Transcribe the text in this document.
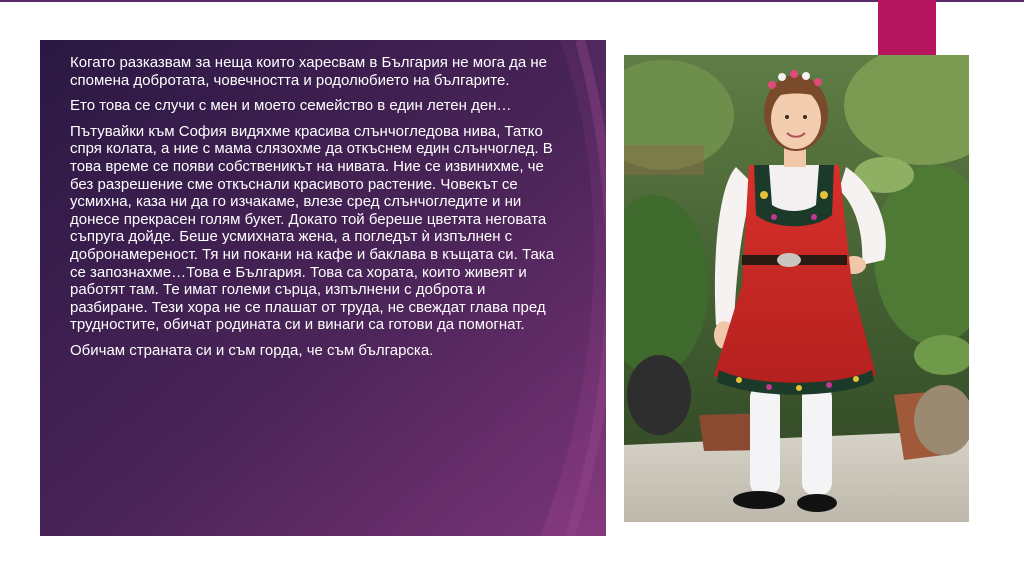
Когато разказвам за неща които харесвам в България не мога да не спомена добротата, човечността и родолюбието на българите.

Ето това се случи с мен и моето семейство в един летен ден…

Пътувайки към София видяхме красива слънчогледова нива, Татко спря колата, а ние с мама слязохме да откъснем един слънчоглед. В това време се появи собственикът на нивата. Ние се извинихме, че без разрешение сме откъснали красивото растение. Човекът се усмихна, каза ни да го изчакаме, влезе сред слънчогледите и ни донесе прекрасен голям букет. Докато той береше цветята неговата съпруга дойде. Беше усмихната жена, а погледът ѝ изпълнен с добронамереност. Тя ни покани на кафе и баклава в къщата си. Така се запознахме…Това е България. Това са хората, които живеят и работят там. Те имат големи сърца, изпълнени с доброта и разбиране. Тези хора не се плашат от труда, не свеждат глава пред трудностите, обичат родината си и винаги са готови да помогнат.

Обичам страната си и съм горда, че съм българска.
